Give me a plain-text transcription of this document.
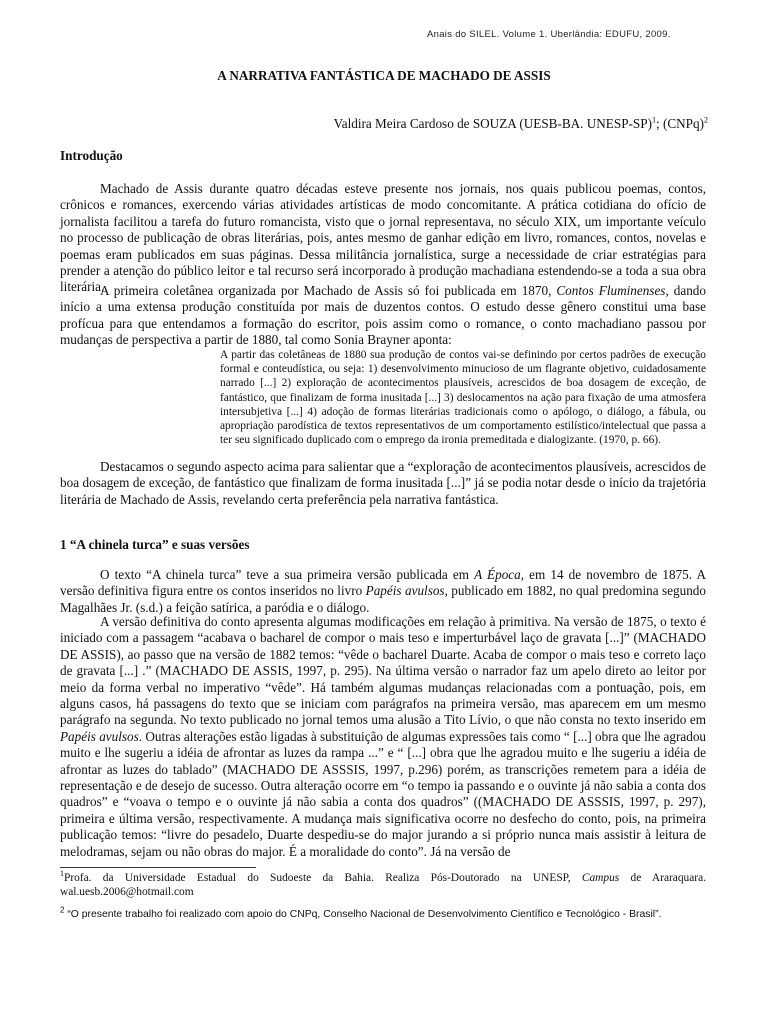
Anais do SILEL. Volume 1. Uberlândia: EDUFU, 2009.
A NARRATIVA FANTÁSTICA DE MACHADO DE ASSIS
Valdira Meira Cardoso de SOUZA (UESB-BA. UNESP-SP)$^1$; (CNPq)$^2$
Introdução

Machado de Assis durante quatro décadas esteve presente nos jornais, nos quais publicou poemas, contos, crônicos e romances, exercendo várias atividades artísticas de modo concomitante. A prática cotidiana do ofício de jornalista facilitou a tarefa do futuro romancista, visto que o jornal representava, no século XIX, um importante veículo no processo de publicação de obras literárias, pois, antes mesmo de ganhar edição em livro, romances, contos, novelas e poemas eram publicados em suas páginas. Dessa militância jornalística, surge a necessidade de criar estratégias para prender a atenção do público leitor e tal recurso será incorporado à produção machadiana estendendo-se a toda a sua obra literária.

A primeira coletânea organizada por Machado de Assis só foi publicada em 1870, Contos Fluminenses, dando início a uma extensa produção constituída por mais de duzentos contos. O estudo desse gênero constitui uma base profícua para que entendamos a formação do escritor, pois assim como o romance, o conto machadiano passou por mudanças de perspectiva a partir de 1880, tal como Sonia Brayner aponta:

A partir das coletâneas de 1880 sua produção de contos vai-se definindo por certos padrões de execução formal e conteudística, ou seja: 1) desenvolvimento minucioso de um flagrante objetivo, cuidadosamente narrado [...] 2) exploração de acontecimentos plausíveis, acrescidos de boa dosagem de exceção, de fantástico, que finalizam de forma inusitada [...] 3) deslocamentos na ação para fixação de uma atmosfera intersubjetiva [...] 4) adoção de formas literárias tradicionais como o apólogo, o diálogo, a fábula, ou apropriação parodística de textos representativos de um comportamento estilístico/intelectual que passa a ter seu significado duplicado com o emprego da ironia premeditada e dialogizante. (1970, p. 66).

Destacamos o segundo aspecto acima para salientar que a “exploração de acontecimentos plausíveis, acrescidos de boa dosagem de exceção, de fantástico que finalizam de forma inusitada [...]” já se podia notar desde o início da trajetória literária de Machado de Assis, revelando certa preferência pela narrativa fantástica.

1 “A chinela turca” e suas versões

O texto “A chinela turca” teve a sua primeira versão publicada em A Época, em 14 de novembro de 1875. A versão definitiva figura entre os contos inseridos no livro Papéis avulsos, publicado em 1882, no qual predomina segundo Magalhães Jr. (s.d.) a feição satírica, a paródia e o diálogo.

A versão definitiva do conto apresenta algumas modificações em relação à primitiva. Na versão de 1875, o texto é iniciado com a passagem “acabava o bacharel de compor o mais teso e imperturbável laço de gravata [...]” (MACHADO DE ASSIS), ao passo que na versão de 1882 temos: “vêde o bacharel Duarte. Acaba de compor o mais teso e correto laço de gravata [...] .” (MACHADO DE ASSIS, 1997, p. 295). Na última versão o narrador faz um apelo direto ao leitor por meio da forma verbal no imperativo “vêde”. Há também algumas mudanças relacionadas com a pontuação, pois, em alguns casos, há passagens do texto que se iniciam com parágrafos na primeira versão, mas aparecem em um mesmo parágrafo na segunda. No texto publicado no jornal temos uma alusão a Tito Lívio, o que não consta no texto inserido em Papéis avulsos. Outras alterações estão ligadas à substituição de algumas expressões tais como “ [...] obra que lhe agradou muito e lhe sugeriu a idéia de afrontar as luzes da rampa ...” e “ [...] obra que lhe agradou muito e lhe sugeriu a idéia de afrontar as luzes do tablado” (MACHADO DE ASSSIS, 1997, p.296) porém, as transcrições remetem para a idéia de representação e de desejo de sucesso. Outra alteração ocorre em “o tempo ia passando e o ouvinte já não sabia a conta dos quadros” e “voava o tempo e o ouvinte já não sabia a conta dos quadros” ((MACHADO DE ASSSIS, 1997, p. 297), primeira e última versão, respectivamente. A mudança mais significativa ocorre no desfecho do conto, pois, na primeira publicação temos: “livre do pesadelo, Duarte despediu-se do major jurando a si próprio nunca mais assistir à leitura de melodramas, sejam ou não obras do major. É a moralidade do conto”. Já na versão de

$^1$Profa. da Universidade Estadual do Sudoeste da Bahia. Realiza Pós-Doutorado na UNESP, Campus de Araraquara. wal.uesb.2006@hotmail.com

$^2$ “O presente trabalho foi realizado com apoio do CNPq, Conselho Nacional de Desenvolvimento Científico e Tecnológico - Brasil”.
